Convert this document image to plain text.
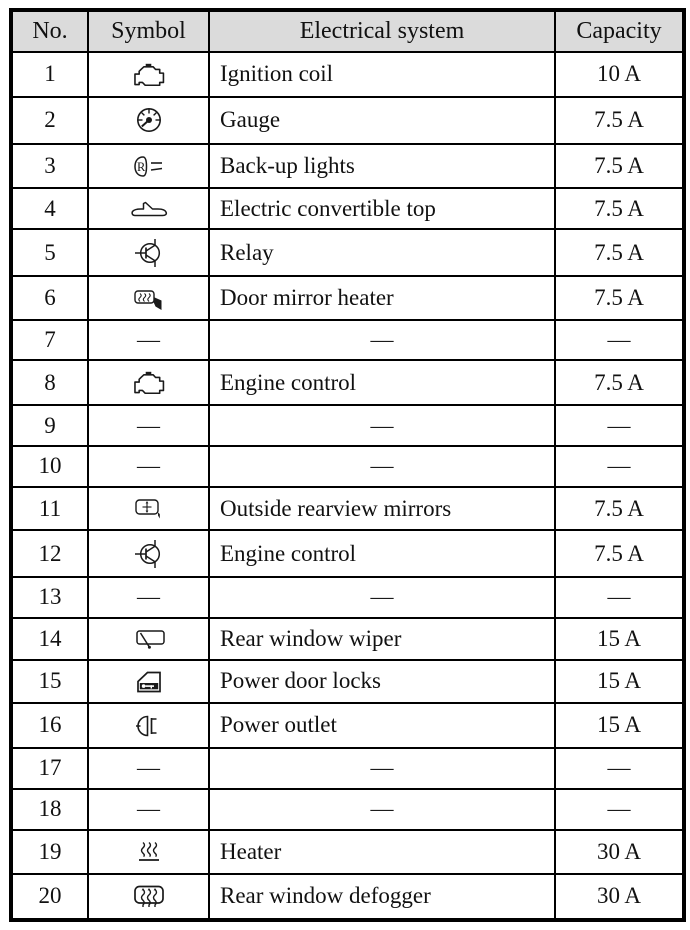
No.	Symbol	Electrical system	Capacity
1		Ignition coil	10 A
2		Gauge	7.5 A
3	R	Back-up lights	7.5 A
4		Electric convertible top	7.5 A
5		Relay	7.5 A
6		Door mirror heater	7.5 A
7	—	—	—
8		Engine control	7.5 A
9	—	—	—
10	—	—	—
11		Outside rearview mirrors	7.5 A
12		Engine control	7.5 A
13	—	—	—
14		Rear window wiper	15 A
15		Power door locks	15 A
16		Power outlet	15 A
17	—	—	—
18	—	—	—
19		Heater	30 A
20		Rear window defogger	30 A
